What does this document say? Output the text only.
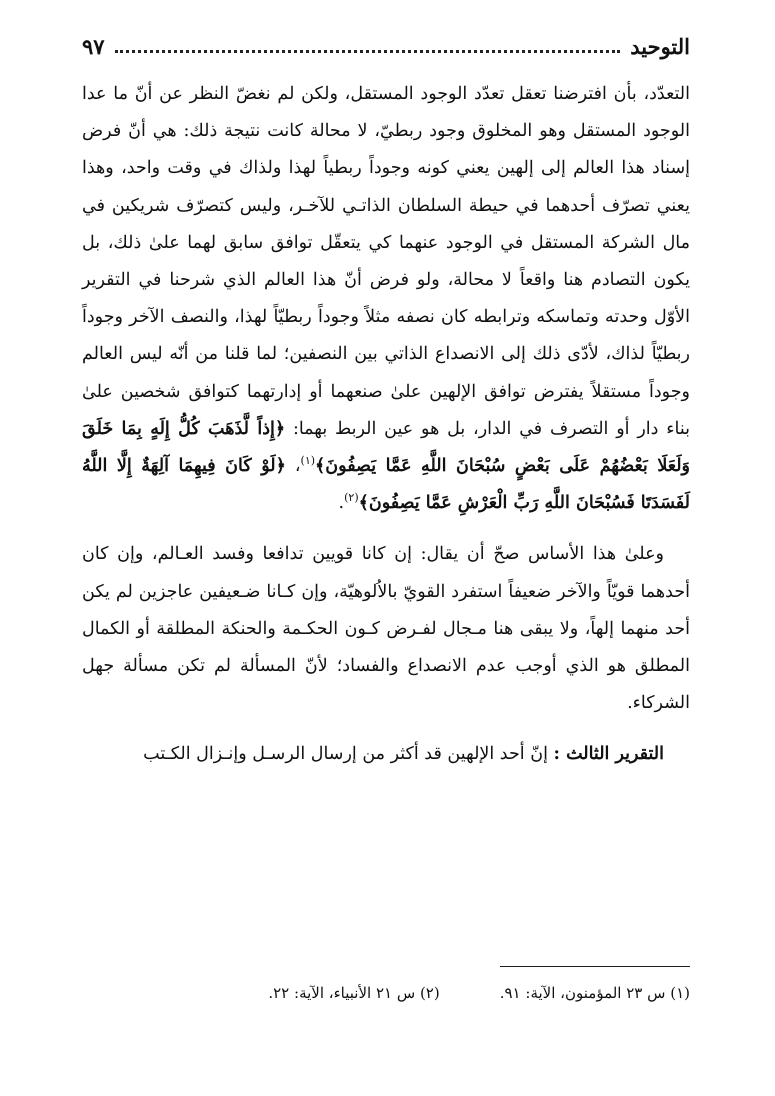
التوحيد
٩٧

التعدّد، بأن افترضنا تعقل تعدّد الوجود المستقل، ولكن لم نغضّ النظر عن أنّ ما عدا الوجود المستقل وهو المخلوق وجود ربطيّ، لا محالة كانت نتيجة ذلك: هي أنّ فرض إسناد هذا العالم إلى إلهين يعني كونه وجوداً ربطياً لهذا ولذاك في وقت واحد، وهذا يعني تصرّف أحدهما في حيطة السلطان الذاتـي للآخـر، وليس كتصرّف شريكين في مال الشركة المستقل في الوجود عنهما كي يتعقّل توافق سابق لهما علىٰ ذلك، بل يكون التصادم هنا واقعاً لا محالة، ولو فرض أنّ هذا العالم الذي شرحنا في التقرير الأوّل وحدته وتماسكه وترابطه كان نصفه مثلاً وجوداً ربطيّاً لهذا، والنصف الآخر وجوداً ربطيّاً لذاك، لأدّى ذلك إلى الانصداع الذاتي بين النصفين؛ لما قلنا من أنّه ليس العالم وجوداً مستقلاً يفترض توافق الإلهين علىٰ صنعهما أو إدارتهما كتوافق شخصين علىٰ بناء دار أو التصرف في الدار، بل هو عين الربط بهما: ﴿إِذاً لَّذَهَبَ كُلُّ إِلَهٍ بِمَا خَلَقَ وَلَعَلَا بَعْضُهُمْ عَلَى بَعْضٍ سُبْحَانَ اللَّهِ عَمَّا يَصِفُونَ﴾$^{(١)}$، ﴿لَوْ كَانَ فِيهِمَا آلِهَةٌ إِلَّا اللَّهُ لَفَسَدَتَا فَسُبْحَانَ اللَّهِ رَبِّ الْعَرْشِ عَمَّا يَصِفُونَ﴾$^{(٢)}$.

وعلىٰ هذا الأساس صحّ أن يقال: إن كانا قويين تدافعا وفسد العـالم، وإن كان أحدهما قويّاً والآخر ضعيفاً استفرد القويّ بالاُلوهيّة، وإن كـانا ضـعيفين عاجزين لم يكن أحد منهما إلهاً، ولا يبقى هنا مـجال لفـرض كـون الحكـمة والحنكة المطلقة أو الكمال المطلق هو الذي أوجب عدم الانصداع والفساد؛ لأنّ المسألة لم تكن مسألة جهل الشركاء.

التقرير الثالث : إنّ أحد الإلهين قد أكثر من إرسال الرسـل وإنـزال الكـتب

(١) س ٢٣ المؤمنون، الآية: ٩١.
(٢) س ٢١ الأنبياء، الآية: ٢٢.
